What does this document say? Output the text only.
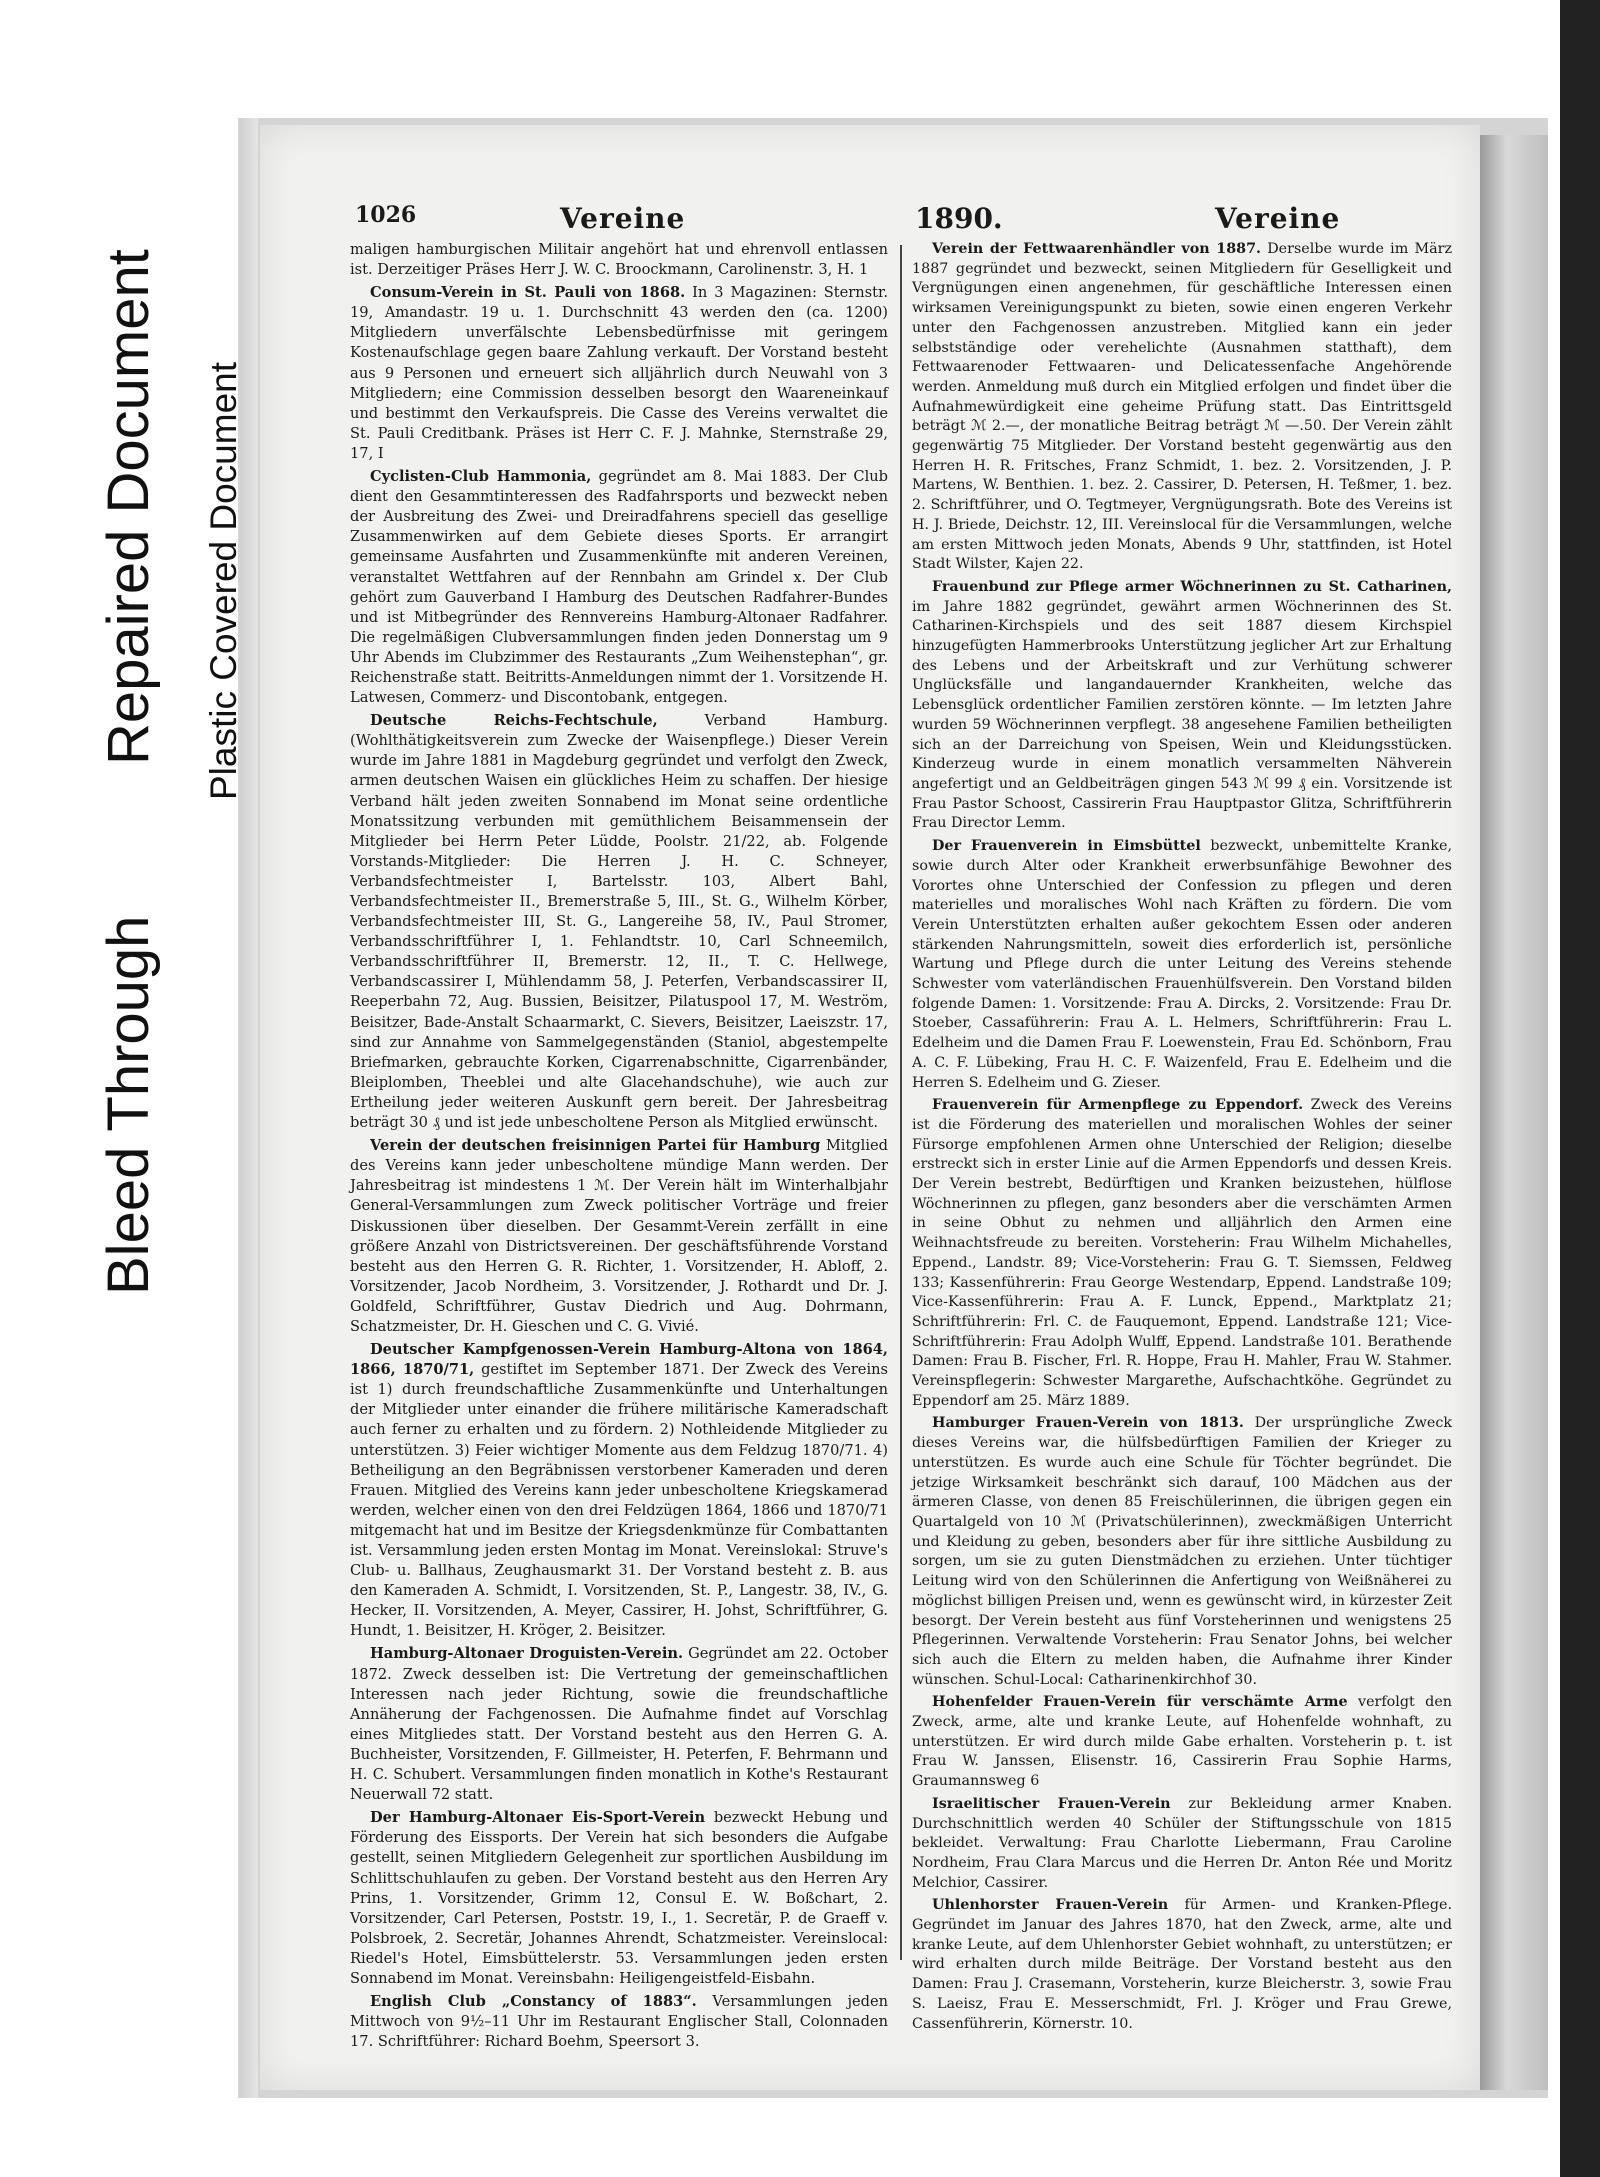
Bleed Through
Repaired Document Plastic Covered Document
1026	Vereine	1890.	Vereine

maligen hamburgischen Militair angehört hat und ehrenvoll entlassen ist. Derzeitiger Präses Herr J. W. C. Broockmann, Carolinenstr. 3, H. 1

Consum-Verein in St. Pauli von 1868. In 3 Magazinen: Sternstr. 19, Amandastr. 19 u. 1. Durchschnitt 43 werden den (ca. 1200) Mitgliedern unverfälschte Lebensbedürfnisse mit geringem Kostenaufschlage gegen baare Zahlung verkauft. Der Vorstand besteht aus 9 Personen und erneuert sich alljährlich durch Neuwahl von 3 Mitgliedern; eine Commission desselben besorgt den Waareneinkauf und bestimmt den Verkaufspreis. Die Casse des Vereins verwaltet die St. Pauli Creditbank. Präses ist Herr C. F. J. Mahnke, Sternstraße 29, 17, I

Cyclisten-Club Hammonia, gegründet am 8. Mai 1883. Der Club dient den Gesammtinteressen des Radfahrsports und bezweckt neben der Ausbreitung des Zwei- und Dreiradfahrens speciell das gesellige Zusammenwirken auf dem Gebiete dieses Sports. Er arrangirt gemeinsame Ausfahrten und Zusammenkünfte mit anderen Vereinen, veranstaltet Wettfahren auf der Rennbahn am Grindel x. Der Club gehört zum Gauverband I Hamburg des Deutschen Radfahrer-Bundes und ist Mitbegründer des Rennvereins Hamburg-Altonaer Radfahrer. Die regelmäßigen Clubversammlungen finden jeden Donnerstag um 9 Uhr Abends im Clubzimmer des Restaurants „Zum Weihenstephan“, gr. Reichenstraße statt. Beitritts-Anmeldungen nimmt der 1. Vorsitzende H. Latwesen, Commerz- und Discontobank, entgegen.

Deutsche Reichs-Fechtschule,	Verband Hamburg. (Wohlthätigkeitsverein zum Zwecke der Waisenpflege.) Dieser Verein wurde im Jahre 1881 in Magdeburg gegründet und verfolgt den Zweck, armen deutschen Waisen ein glückliches Heim zu schaffen. Der hiesige Verband hält jeden zweiten Sonnabend im Monat seine ordentliche Monatssitzung verbunden mit gemüthlichem Beisammensein der Mitglieder bei Herrn Peter Lüdde, Poolstr. 21/22, ab. Folgende Vorstands-Mitglieder: Die Herren J. H. C. Schneyer, Verbandsfechtmeister I, Bartelsstr. 103, Albert Bahl, Verbandsfechtmeister II., Bremerstraße 5, III., St. G., Wilhelm Körber, Verbandsfechtmeister III, St. G., Langereihe 58, IV., Paul Stromer, Verbandsschriftführer I, 1. Fehlandtstr. 10, Carl Schneemilch, Verbandsschriftführer II, Bremerstr. 12, II., T. C. Hellwege, Verbandscassirer I, Mühlendamm 58, J. Peterfen, Verbandscassirer II, Reeperbahn 72, Aug. Bussien, Beisitzer, Pilatuspool 17, M. Weström, Beisitzer, Bade-Anstalt Schaarmarkt, C. Sievers, Beisitzer, Laeiszstr. 17, sind zur Annahme von Sammelgegenständen (Staniol, abgestempelte Briefmarken, gebrauchte Korken, Cigarrenabschnitte, Cigarrenbänder, Bleiplomben, Theeblei und alte Glacehandschuhe), wie auch zur Ertheilung jeder weiteren Auskunft gern bereit. Der Jahresbeitrag beträgt 30 ₰ und ist jede unbescholtene Person als Mitglied erwünscht.

Verein der deutschen freisinnigen Partei für Hamburg Mitglied des Vereins kann jeder unbescholtene mündige Mann werden. Der Jahresbeitrag ist mindestens 1 ℳ. Der Verein hält im Winterhalbjahr General-Versammlungen zum Zweck politischer Vorträge und freier Diskussionen über dieselben. Der Gesammt-Verein zerfällt in eine größere Anzahl von Districtsvereinen. Der geschäftsführende Vorstand besteht aus den Herren G. R. Richter, 1. Vorsitzender, H. Abloff, 2. Vorsitzender, Jacob Nordheim, 3. Vorsitzender, J. Rothardt und Dr. J. Goldfeld, Schriftführer, Gustav Diedrich und Aug. Dohrmann, Schatzmeister, Dr. H. Gieschen und C. G. Vivié.

Deutscher Kampfgenossen-Verein Hamburg-Altona von 1864, 1866, 1870/71, gestiftet im September 1871. Der Zweck des Vereins ist 1) durch freundschaftliche Zusammenkünfte und Unterhaltungen der Mitglieder unter einander die frühere militärische Kameradschaft auch ferner zu erhalten und zu fördern. 2) Nothleidende Mitglieder zu unterstützen. 3) Feier wichtiger Momente aus dem Feldzug 1870/71. 4) Betheiligung an den Begräbnissen verstorbener Kameraden und deren Frauen. Mitglied des Vereins kann jeder unbescholtene Kriegskamerad werden, welcher einen von den drei Feldzügen 1864, 1866 und 1870/71 mitgemacht hat und im Besitze der Kriegsdenkmünze für Combattanten ist. Versammlung jeden ersten Montag im Monat. Vereinslokal: Struve's Club- u. Ballhaus, Zeughausmarkt 31. Der Vorstand besteht z. B. aus den Kameraden A. Schmidt, I. Vorsitzenden, St. P., Langestr. 38, IV., G. Hecker, II. Vorsitzenden, A. Meyer, Cassirer, H. Johst, Schriftführer, G. Hundt, 1. Beisitzer, H. Kröger, 2. Beisitzer.

Hamburg-Altonaer Droguisten-Verein. Gegründet am 22. October 1872. Zweck desselben ist: Die Vertretung der gemeinschaftlichen Interessen nach jeder Richtung, sowie die freundschaftliche Annäherung der Fachgenossen. Die Aufnahme findet auf Vorschlag eines Mitgliedes statt. Der Vorstand besteht aus den Herren G. A. Buchheister, Vorsitzenden, F. Gillmeister, H. Peterfen, F. Behrmann und H. C. Schubert. Versammlungen finden monatlich in Kothe's Restaurant Neuerwall 72 statt.

Der Hamburg-Altonaer Eis-Sport-Verein bezweckt Hebung und Förderung des Eissports. Der Verein hat sich besonders die Aufgabe gestellt, seinen Mitgliedern Gelegenheit zur sportlichen Ausbildung im Schlittschuhlaufen zu geben. Der Vorstand besteht aus den Herren Ary Prins, 1. Vorsitzender, Grimm 12, Consul E. W. Boßchart, 2. Vorsitzender, Carl Petersen, Poststr. 19, I., 1. Secretär, P. de Graeff v. Polsbroek, 2. Secretär, Johannes Ahrendt, Schatzmeister. Vereinslocal: Riedel's Hotel, Eimsbüttelerstr. 53. Versammlungen jeden ersten Sonnabend im Monat. Vereinsbahn: Heiligengeistfeld-Eisbahn.

English Club „Constancy of 1883“. Versammlungen jeden Mittwoch von 9½–11 Uhr im Restaurant Englischer Stall, Colonnaden 17. Schriftführer: Richard Boehm, Speersort 3.

Verein der Fettwaarenhändler von 1887. Derselbe wurde im März 1887 gegründet und bezweckt, seinen Mitgliedern für Geselligkeit und Vergnügungen einen angenehmen, für geschäftliche Interessen einen wirksamen Vereinigungspunkt zu bieten, sowie einen engeren Verkehr unter den Fachgenossen anzustreben. Mitglied kann ein jeder selbstständige oder verehelichte (Ausnahmen statthaft), dem Fettwaarenoder Fettwaaren- und Delicatessenfache Angehörende werden. Anmeldung muß durch ein Mitglied erfolgen und findet über die Aufnahmewürdigkeit eine geheime Prüfung statt. Das Eintrittsgeld beträgt ℳ 2.—, der monatliche Beitrag beträgt ℳ —.50. Der Verein zählt gegenwärtig 75 Mitglieder. Der Vorstand besteht gegenwärtig aus den Herren H. R. Fritsches, Franz Schmidt, 1. bez. 2. Vorsitzenden, J. P. Martens, W. Benthien. 1. bez. 2. Cassirer, D. Petersen, H. Teßmer, 1. bez. 2. Schriftführer, und O. Tegtmeyer, Vergnügungsrath. Bote des Vereins ist H. J. Briede, Deichstr. 12, III. Vereinslocal für die Versammlungen, welche am ersten Mittwoch jeden Monats, Abends 9 Uhr, stattfinden, ist Hotel Stadt Wilster, Kajen 22.

Frauenbund zur Pflege armer Wöchnerinnen zu St. Catharinen, im Jahre 1882 gegründet, gewährt armen Wöchnerinnen des St. Catharinen-Kirchspiels und des seit 1887 diesem Kirchspiel hinzugefügten Hammerbrooks Unterstützung jeglicher Art zur Erhaltung des Lebens und der Arbeitskraft und zur Verhütung schwerer Unglücksfälle und langandauernder Krankheiten, welche das Lebensglück ordentlicher Familien zerstören könnte. — Im letzten Jahre wurden 59 Wöchnerinnen verpflegt. 38 angesehene Familien betheiligten sich an der Darreichung von Speisen, Wein und Kleidungsstücken. Kinderzeug wurde in einem monatlich versammelten Nähverein angefertigt und an Geldbeiträgen gingen 543 ℳ 99 ₰ ein. Vorsitzende ist Frau Pastor Schoost, Cassirerin Frau Hauptpastor Glitza, Schriftführerin Frau Director Lemm.

Der Frauenverein in Eimsbüttel bezweckt, unbemittelte Kranke, sowie durch Alter oder Krankheit erwerbsunfähige Bewohner des Vorortes ohne Unterschied der Confession zu pflegen und deren materielles und moralisches Wohl nach Kräften zu fördern. Die vom Verein Unterstützten erhalten außer gekochtem Essen oder anderen stärkenden Nahrungsmitteln, soweit dies erforderlich ist, persönliche Wartung und Pflege durch die unter Leitung des Vereins stehende Schwester vom vaterländischen Frauenhülfsverein. Den Vorstand bilden folgende Damen: 1. Vorsitzende: Frau A. Dircks, 2. Vorsitzende: Frau Dr. Stoeber, Cassaführerin: Frau A. L. Helmers, Schriftführerin: Frau L. Edelheim und die Damen Frau F. Loewenstein, Frau Ed. Schönborn, Frau A. C. F. Lübeking, Frau H. C. F. Waizenfeld, Frau E. Edelheim und die Herren S. Edelheim und G. Zieser.

Frauenverein für Armenpflege zu Eppendorf. Zweck des Vereins ist die Förderung des materiellen und moralischen Wohles der seiner Fürsorge empfohlenen Armen ohne Unterschied der Religion; dieselbe erstreckt sich in erster Linie auf die Armen Eppendorfs und dessen Kreis. Der Verein bestrebt, Bedürftigen und Kranken beizustehen, hülflose Wöchnerinnen zu pflegen, ganz besonders aber die verschämten Armen in seine Obhut zu nehmen und alljährlich den Armen eine Weihnachtsfreude zu bereiten. Vorsteherin: Frau Wilhelm Michahelles, Eppend., Landstr. 89; Vice-Vorsteherin: Frau G. T. Siemssen, Feldweg 133; Kassenführerin: Frau George Westendarp, Eppend. Landstraße 109; Vice-Kassenführerin: Frau A. F. Lunck, Eppend., Marktplatz 21; Schriftführerin: Frl. C. de Fauquemont, Eppend. Landstraße 121; Vice-Schriftführerin: Frau Adolph Wulff, Eppend. Landstraße 101. Berathende Damen: Frau B. Fischer, Frl. R. Hoppe, Frau H. Mahler, Frau W. Stahmer. Vereinspflegerin: Schwester Margarethe, Aufschachtköhe. Gegründet zu Eppendorf am 25. März 1889.

Hamburger Frauen-Verein von 1813. Der ursprüngliche Zweck dieses Vereins war, die hülfsbedürftigen Familien der Krieger zu unterstützen. Es wurde auch eine Schule für Töchter begründet. Die jetzige Wirksamkeit beschränkt sich darauf, 100 Mädchen aus der ärmeren Classe, von denen 85 Freischülerinnen, die übrigen gegen ein Quartalgeld von 10 ℳ (Privatschülerinnen), zweckmäßigen Unterricht und Kleidung zu geben, besonders aber für ihre sittliche Ausbildung zu sorgen, um sie zu guten Dienstmädchen zu erziehen. Unter tüchtiger Leitung wird von den Schülerinnen die Anfertigung von Weißnäherei zu möglichst billigen Preisen und, wenn es gewünscht wird, in kürzester Zeit besorgt. Der Verein besteht aus fünf Vorsteherinnen und wenigstens 25 Pflegerinnen. Verwaltende Vorsteherin: Frau Senator Johns, bei welcher sich auch die Eltern zu melden haben, die Aufnahme ihrer Kinder wünschen. Schul-Local: Catharinenkirchhof 30.

Hohenfelder Frauen-Verein für verschämte Arme verfolgt den Zweck, arme, alte und kranke Leute, auf Hohenfelde wohnhaft, zu unterstützen. Er wird durch milde Gabe erhalten. Vorsteherin p. t. ist Frau W. Janssen, Elisenstr. 16, Cassirerin Frau Sophie Harms, Graumannsweg 6

Israelitischer Frauen-Verein zur Bekleidung armer Knaben. Durchschnittlich werden 40 Schüler der Stiftungsschule von 1815 bekleidet. Verwaltung: Frau Charlotte Liebermann, Frau Caroline Nordheim, Frau Clara Marcus und die Herren Dr. Anton Rée und Moritz Melchior, Cassirer.

Uhlenhorster Frauen-Verein für Armen- und Kranken-Pflege. Gegründet im Januar des Jahres 1870, hat den Zweck, arme, alte und kranke Leute, auf dem Uhlenhorster Gebiet wohnhaft, zu unterstützen; er wird erhalten durch milde Beiträge. Der Vorstand besteht aus den Damen: Frau J. Crasemann, Vorsteherin, kurze Bleicherstr. 3, sowie Frau S. Laeisz, Frau E. Messerschmidt, Frl. J. Kröger und Frau Grewe, Cassenführerin, Körnerstr. 10.
